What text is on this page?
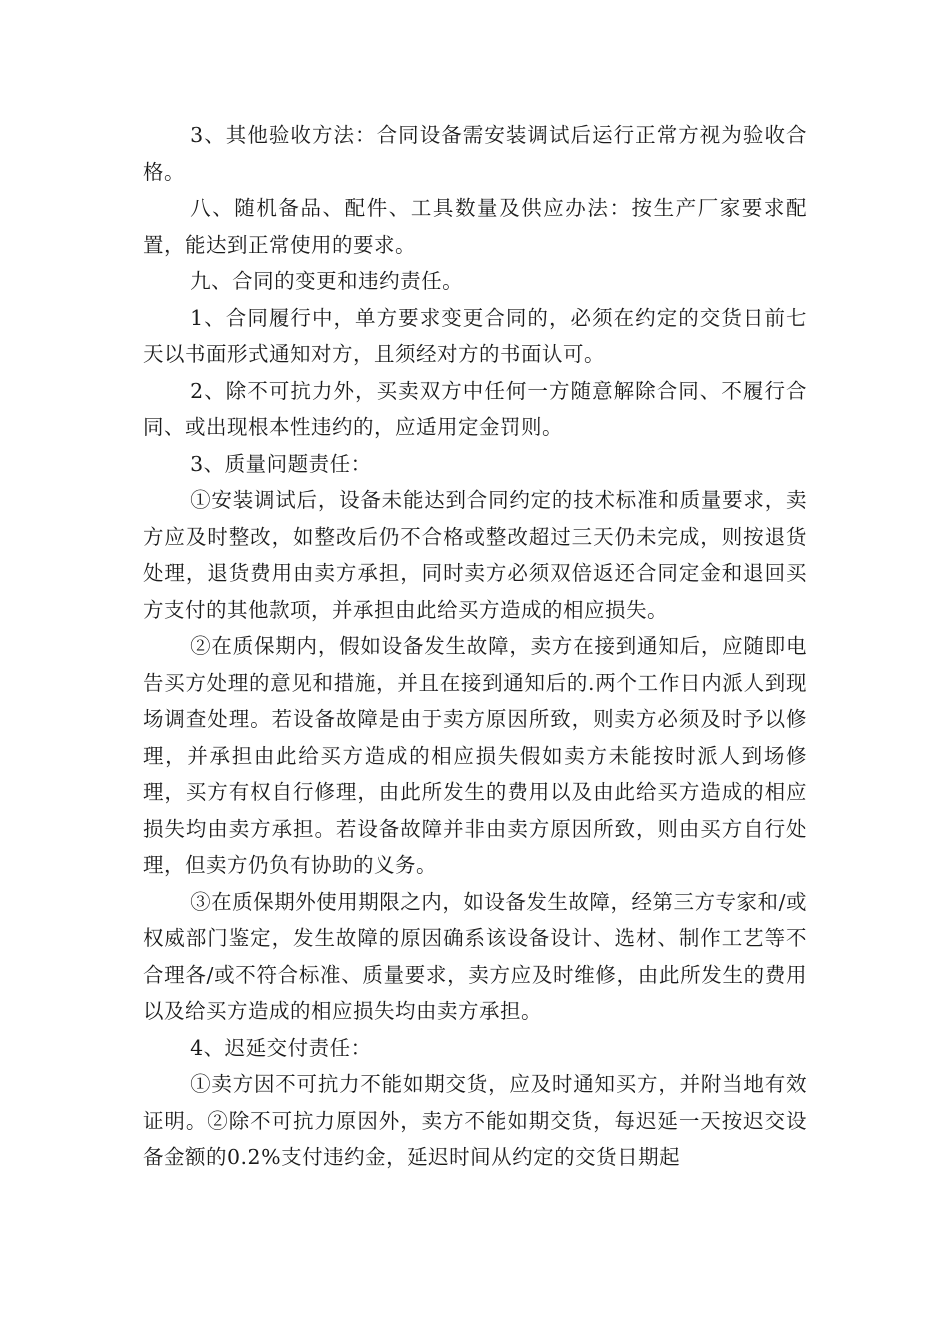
3、其他验收方法：合同设备需安装调试后运行正常方视为验收合格。

八、随机备品、配件、工具数量及供应办法：按生产厂家要求配置，能达到正常使用的要求。

九、合同的变更和违约责任。

1、合同履行中，单方要求变更合同的，必须在约定的交货日前七天以书面形式通知对方，且须经对方的书面认可。

2、除不可抗力外，买卖双方中任何一方随意解除合同、不履行合同、或出现根本性违约的，应适用定金罚则。

3、质量问题责任：

①安装调试后，设备未能达到合同约定的技术标准和质量要求，卖方应及时整改，如整改后仍不合格或整改超过三天仍未完成，则按退货处理，退货费用由卖方承担，同时卖方必须双倍返还合同定金和退回买方支付的其他款项，并承担由此给买方造成的相应损失。

②在质保期内，假如设备发生故障，卖方在接到通知后，应随即电告买方处理的意见和措施，并且在接到通知后的.两个工作日内派人到现场调查处理。若设备故障是由于卖方原因所致，则卖方必须及时予以修理，并承担由此给买方造成的相应损失假如卖方未能按时派人到场修理，买方有权自行修理，由此所发生的费用以及由此给买方造成的相应损失均由卖方承担。若设备故障并非由卖方原因所致，则由买方自行处理，但卖方仍负有协助的义务。

③在质保期外使用期限之内，如设备发生故障，经第三方专家和/或权威部门鉴定，发生故障的原因确系该设备设计、选材、制作工艺等不合理各/或不符合标准、质量要求，卖方应及时维修，由此所发生的费用以及给买方造成的相应损失均由卖方承担。

4、迟延交付责任：

①卖方因不可抗力不能如期交货，应及时通知买方，并附当地有效证明。②除不可抗力原因外，卖方不能如期交货，每迟延一天按迟交设备金额的0.2%支付违约金，延迟时间从约定的交货日期起
